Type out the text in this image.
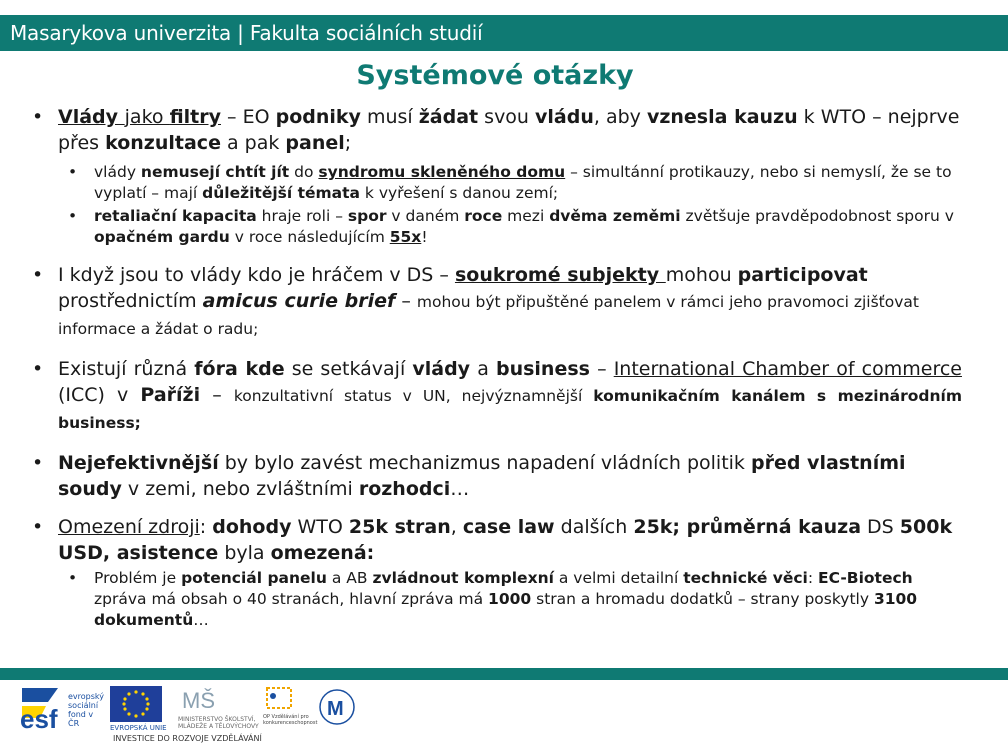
Masarykova univerzita | Fakulta sociálních studií
Systémové otázky
• Vlády jako filtry – EO podniky musí žádat svou vládu, aby vznesla kauzu k WTO – nejprve přes konzultace a pak panel;
• vlády nemusejí chtít jít do syndromu skleněného domu – simultánní protikauzy, nebo si nemyslí, že se to vyplatí – mají důležitější témata k vyřešení s danou zemí;
• retaliační kapacita hraje roli – spor v daném roce mezi dvěma zeměmi zvětšuje pravděpodobnost sporu v opačném gardu v roce následujícím 55x!
• I když jsou to vlády kdo je hráčem v DS – soukromé subjekty mohou participovat prostřednictím amicus curie brief – mohou být připuštěné panelem v rámci jeho pravomoci zjišťovat informace a žádat o radu;
• Existují různá fóra kde se setkávají vlády a business – International Chamber of commerce (ICC) v Paříži – konzultativní status v UN, nejvýznamnější komunikačním kanálem s mezinárodním business;
• Nejefektivnější by bylo zavést mechanizmus napadení vládních politik před vlastními soudy v zemi, nebo zvláštními rozhodci…
• Omezení zdroji: dohody WTO 25k stran, case law dalších 25k; průměrná kauza DS 500k USD, asistence byla omezená:
• Problém je potenciál panelu a AB zvládnout komplexní a velmi detailní technické věci: EC-Biotech zpráva má obsah o 40 stranách, hlavní zpráva má 1000 stran a hromadu dodatků – strany poskytly 3100 dokumentů…
esf
evropský sociální fond v ČR	EVROPSKÁ UNIE
MŠ
MINISTERSTVO ŠKOLSTVÍ, MLÁDEŽE A TĚLOVÝCHOVY
OP Vzdělávání pro konkurenceschopnost
M
INVESTICE DO ROZVOJE VZDĚLÁVÁNÍ
